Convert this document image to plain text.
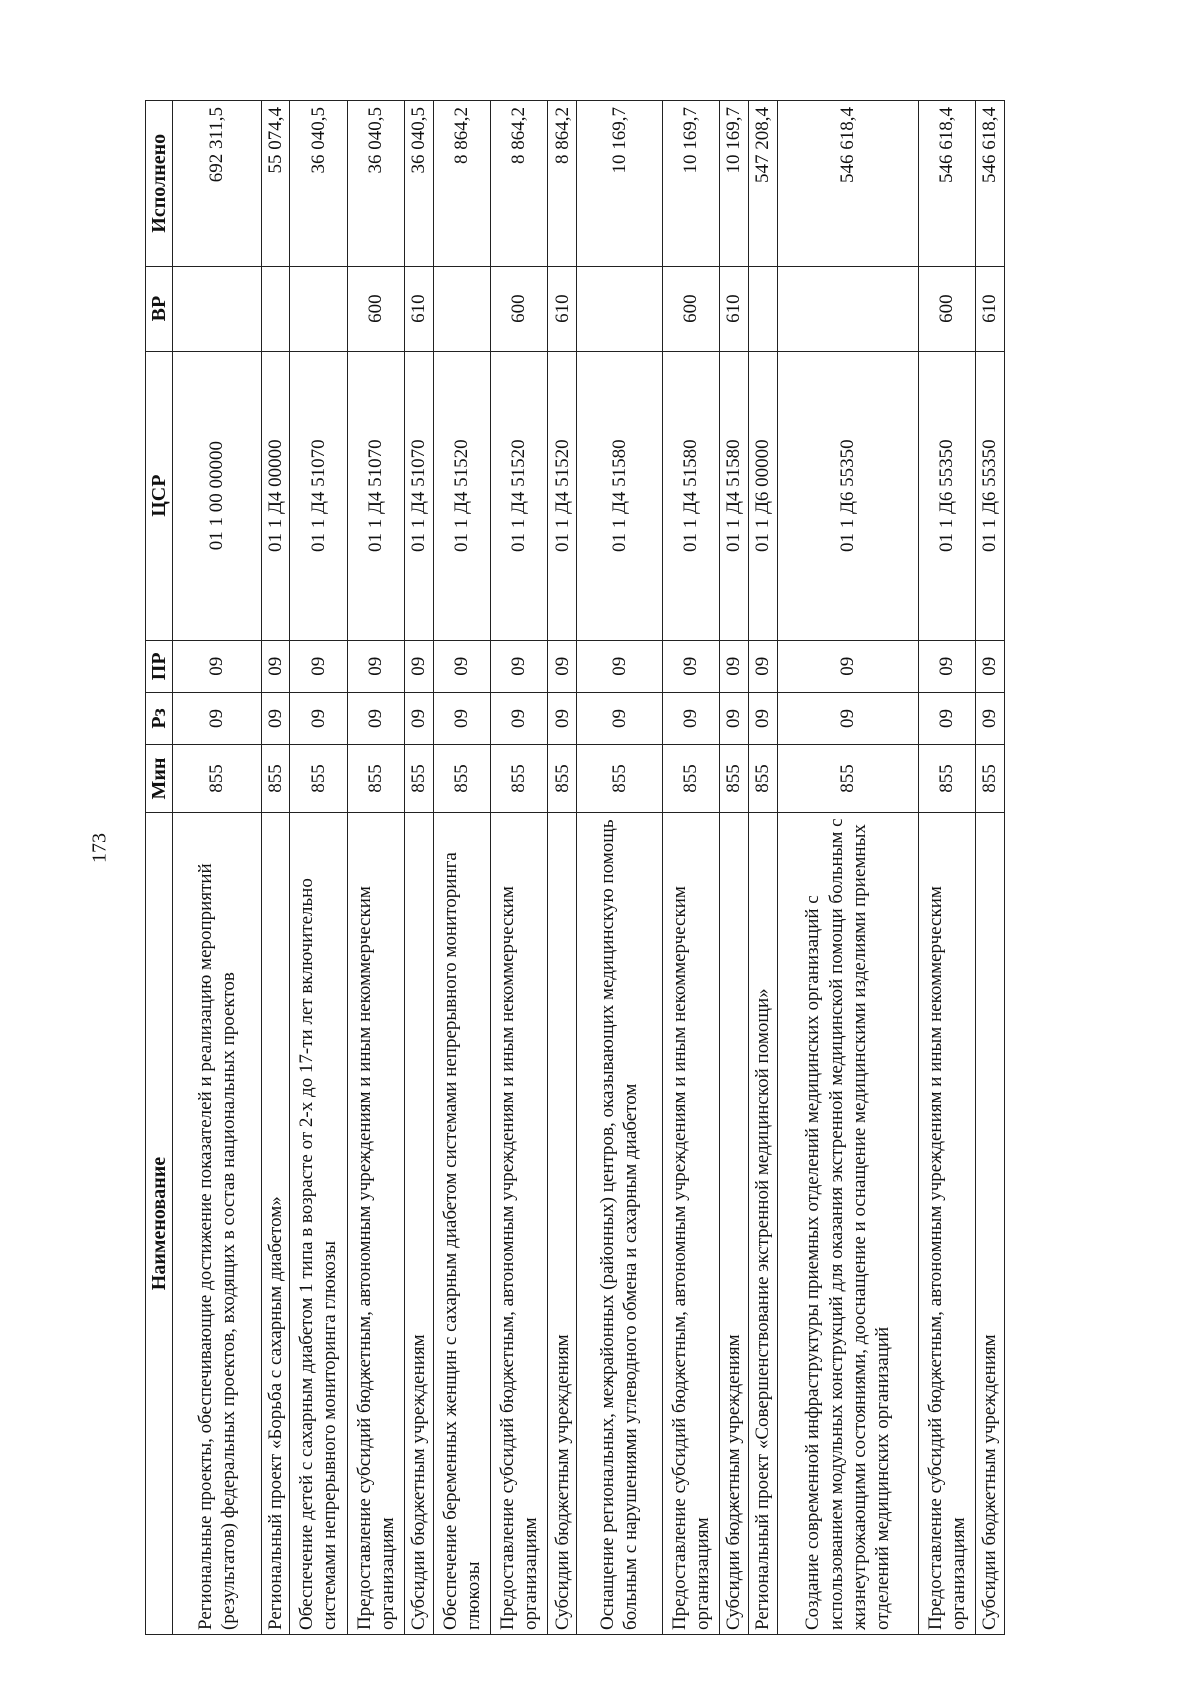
173
Наименование	Мин	Рз	ПР	ЦСР	ВР	Исполнено
Региональные проекты, обеспечивающие достижение показателей и реализацию мероприятий (результатов) федеральных проектов, входящих в состав национальных проектов	855	09	09	01 1 00 00000		692 311,5
Региональный проект «Борьба с сахарным диабетом»	855	09	09	01 1 Д4 00000		55 074,4
Обеспечение детей с сахарным диабетом 1 типа в возрасте от 2-х до 17-ти лет включительно системами непрерывного мониторинга глюкозы	855	09	09	01 1 Д4 51070		36 040,5
Предоставление субсидий бюджетным, автономным учреждениям и иным некоммерческим организациям	855	09	09	01 1 Д4 51070	600	36 040,5
Субсидии бюджетным учреждениям	855	09	09	01 1 Д4 51070	610	36 040,5
Обеспечение беременных женщин с сахарным диабетом системами непрерывного мониторинга глюкозы	855	09	09	01 1 Д4 51520		8 864,2
Предоставление субсидий бюджетным, автономным учреждениям и иным некоммерческим организациям	855	09	09	01 1 Д4 51520	600	8 864,2
Субсидии бюджетным учреждениям	855	09	09	01 1 Д4 51520	610	8 864,2
Оснащение региональных, межрайонных (районных) центров, оказывающих медицинскую помощь больным с нарушениями углеводного обмена и сахарным диабетом	855	09	09	01 1 Д4 51580		10 169,7
Предоставление субсидий бюджетным, автономным учреждениям и иным некоммерческим организациям	855	09	09	01 1 Д4 51580	600	10 169,7
Субсидии бюджетным учреждениям	855	09	09	01 1 Д4 51580	610	10 169,7
Региональный проект «Совершенствование экстренной медицинской помощи»	855	09	09	01 1 Д6 00000		547 208,4
Создание современной инфраструктуры приемных отделений медицинских организаций с использованием модульных конструкций для оказания экстренной медицинской помощи больным с жизнеугрожающими состояниями, дооснащение и оснащение медицинскими изделиями приемных отделений медицинских организаций	855	09	09	01 1 Д6 55350		546 618,4
Предоставление субсидий бюджетным, автономным учреждениям и иным некоммерческим организациям	855	09	09	01 1 Д6 55350	600	546 618,4
Субсидии бюджетным учреждениям	855	09	09	01 1 Д6 55350	610	546 618,4
